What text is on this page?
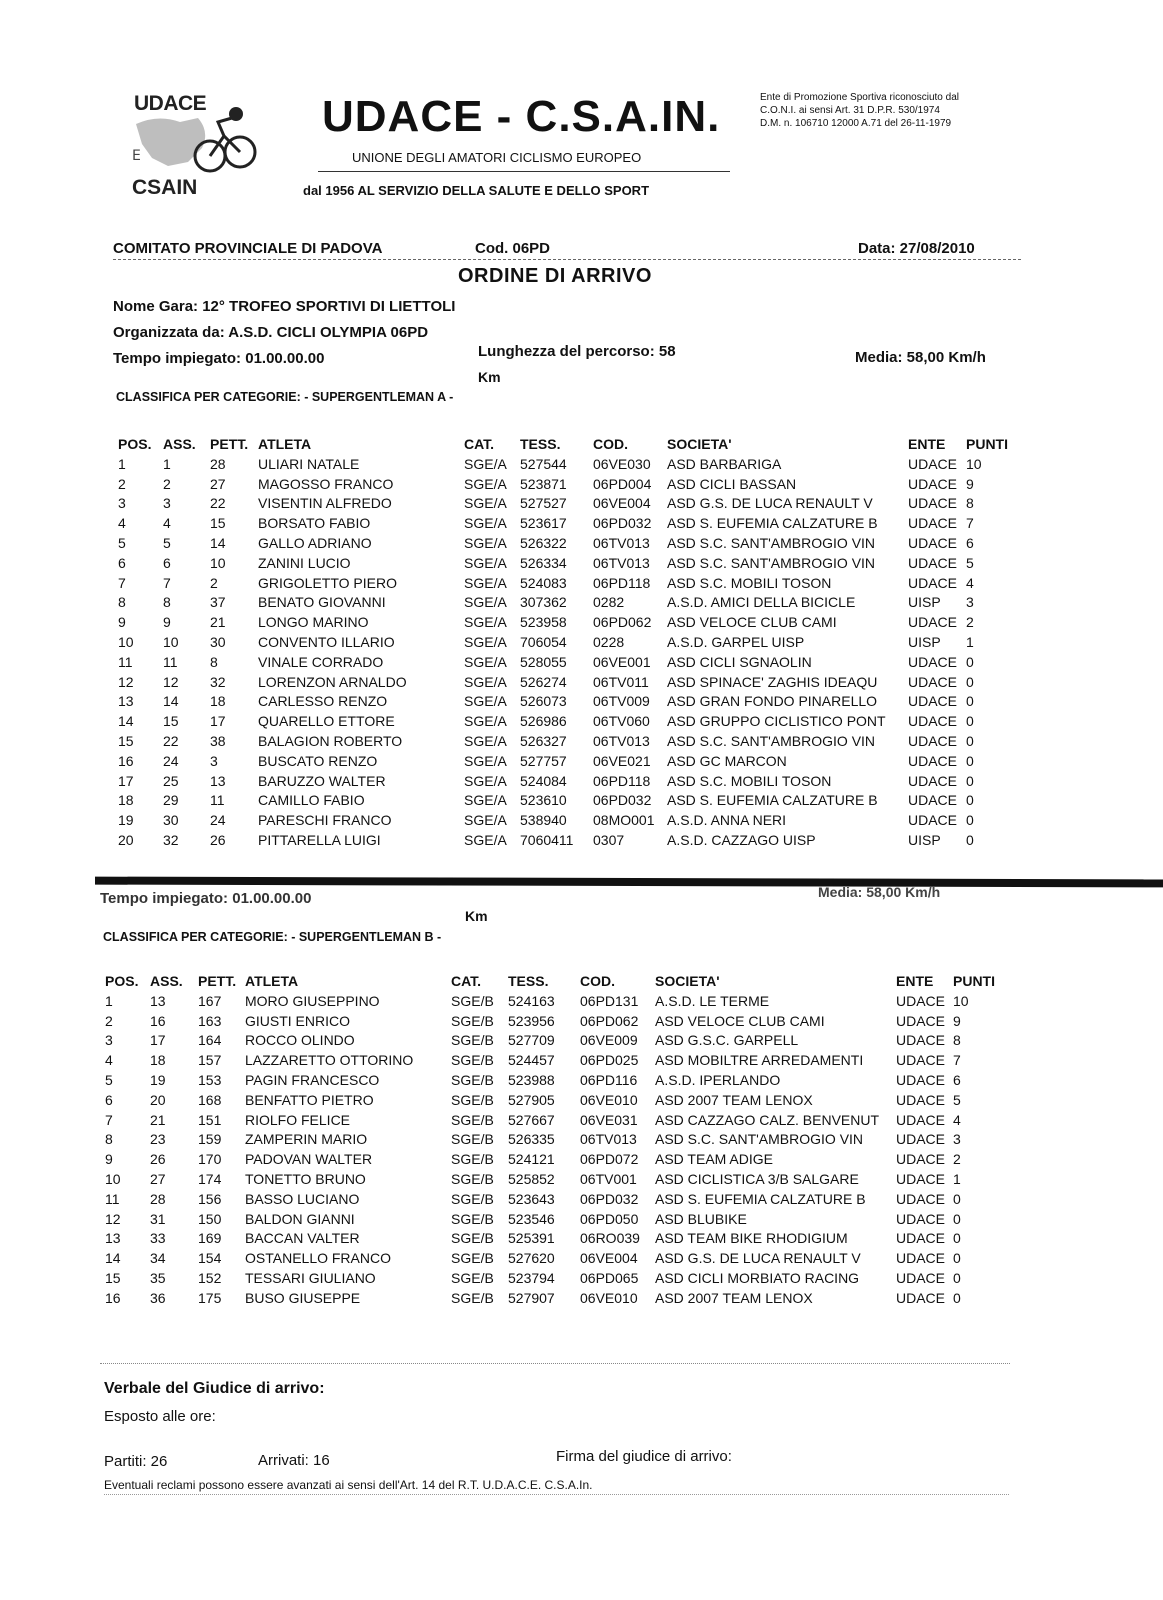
UDACE
E
CSAIN
UDACE - C.S.A.IN.
UNIONE DEGLI AMATORI CICLISMO EUROPEO
dal 1956 AL SERVIZIO DELLA SALUTE E DELLO SPORT
Ente di Promozione Sportiva riconosciuto dal
C.O.N.I. ai sensi Art. 31 D.P.R. 530/1974
D.M. n. 106710 12000 A.71 del 26-11-1979
COMITATO PROVINCIALE DI PADOVA	Cod. 06PD	Data: 27/08/2010
ORDINE DI ARRIVO
Nome Gara: 12° TROFEO SPORTIVI DI LIETTOLI
Organizzata da: A.S.D. CICLI OLYMPIA 06PD
Tempo impiegato: 01.00.00.00	Lunghezza del percorso: 58
Km
Media: 58,00 Km/h
CLASSIFICA PER CATEGORIE: - SUPERGENTLEMAN A -
POS. ASS. PETT. ATLETA	CAT. TESS. COD.	SOCIETA'	ENTE PUNTI
1	1	28 ULIARI NATALE	SGE/A 527544 06VE030 ASD BARBARIGA	UDACE 10
2	2	27 MAGOSSO FRANCO	SGE/A 523871 06PD004 ASD CICLI BASSAN	UDACE 9
3	3	22 VISENTIN ALFREDO	SGE/A 527527 06VE004 ASD G.S. DE LUCA RENAULT V	UDACE 8
4	4	15 BORSATO FABIO	SGE/A 523617 06PD032 ASD S. EUFEMIA CALZATURE B UDACE 7
5	5	14 GALLO ADRIANO	SGE/A 526322 06TV013 ASD S.C. SANT'AMBROGIO VIN UDACE 6
6	6	10 ZANINI LUCIO	SGE/A 526334 06TV013 ASD S.C. SANT'AMBROGIO VIN UDACE 5
7	7	2	GRIGOLETTO PIERO	SGE/A 524083 06PD118 ASD S.C. MOBILI TOSON	UDACE 4
8	8	37 BENATO GIOVANNI	SGE/A 307362 0282	A.S.D. AMICI DELLA BICICLE	UISP 3
9	9	21 LONGO MARINO	SGE/A 523958 06PD062 ASD VELOCE CLUB CAMI	UDACE 2
10 10 30 CONVENTO ILLARIO	SGE/A 706054 0228	A.S.D. GARPEL UISP	UISP 1
11 11 8	VINALE CORRADO	SGE/A 528055 06VE001 ASD CICLI SGNAOLIN	UDACE 0
12 12 32 LORENZON ARNALDO	SGE/A 526274 06TV011 ASD SPINACE' ZAGHIS IDEAQU UDACE 0
13 14 18 CARLESSO RENZO	SGE/A 526073 06TV009 ASD GRAN FONDO PINARELLO UDACE 0
14 15 17 QUARELLO ETTORE	SGE/A 526986 06TV060 ASD GRUPPO CICLISTICO PONT UDACE 0
15 22 38 BALAGION ROBERTO	SGE/A 526327 06TV013 ASD S.C. SANT'AMBROGIO VIN UDACE 0
16 24 3	BUSCATO RENZO	SGE/A 527757 06VE021 ASD GC MARCON	UDACE 0
17 25 13 BARUZZO WALTER	SGE/A 524084 06PD118 ASD S.C. MOBILI TOSON	UDACE 0
18 29 11 CAMILLO FABIO	SGE/A 523610 06PD032 ASD S. EUFEMIA CALZATURE B UDACE 0
19 30 24 PARESCHI FRANCO	SGE/A 538940 08MO001 A.S.D. ANNA NERI	UDACE 0
20 32 26 PITTARELLA LUIGI	SGE/A 7060411 0307	A.S.D. CAZZAGO UISP	UISP 0
Tempo impiegato: 01.00.00.00	Media: 58,00 Km/h
Km
CLASSIFICA PER CATEGORIE: - SUPERGENTLEMAN B -
POS. ASS. PETT. ATLETA	CAT. TESS. COD.	SOCIETA'	ENTE PUNTI
1	13 167 MORO GIUSEPPINO	SGE/B 524163 06PD131 A.S.D. LE TERME	UDACE 10
2	16 163 GIUSTI ENRICO	SGE/B 523956 06PD062 ASD VELOCE CLUB CAMI	UDACE 9
3	17 164 ROCCO OLINDO	SGE/B 527709 06VE009 ASD G.S.C. GARPELL	UDACE 8
4	18 157 LAZZARETTO OTTORINO	SGE/B 524457 06PD025 ASD MOBILTRE ARREDAMENTI UDACE 7
5	19 153 PAGIN FRANCESCO	SGE/B 523988 06PD116 A.S.D. IPERLANDO	UDACE 6
6	20 168 BENFATTO PIETRO	SGE/B 527905 06VE010 ASD 2007 TEAM LENOX	UDACE 5
7	21 151 RIOLFO FELICE	SGE/B 527667 06VE031 ASD CAZZAGO CALZ. BENVENUT UDACE 4
8	23 159 ZAMPERIN MARIO	SGE/B 526335 06TV013 ASD S.C. SANT'AMBROGIO VIN UDACE 3
9	26 170 PADOVAN WALTER	SGE/B 524121 06PD072 ASD TEAM ADIGE	UDACE 2
10 27 174 TONETTO BRUNO	SGE/B 525852 06TV001 ASD CICLISTICA 3/B SALGARE	UDACE 1
11 28 156 BASSO LUCIANO	SGE/B 523643 06PD032 ASD S. EUFEMIA CALZATURE B UDACE 0
12 31 150 BALDON GIANNI	SGE/B 523546 06PD050 ASD BLUBIKE	UDACE 0
13 33 169 BACCAN VALTER	SGE/B 525391 06RO039 ASD TEAM BIKE RHODIGIUM	UDACE 0
14 34 154 OSTANELLO FRANCO	SGE/B 527620 06VE004 ASD G.S. DE LUCA RENAULT V	UDACE 0
15 35 152 TESSARI GIULIANO	SGE/B 523794 06PD065 ASD CICLI MORBIATO RACING	UDACE 0
16 36 175 BUSO GIUSEPPE	SGE/B 527907 06VE010 ASD 2007 TEAM LENOX	UDACE 0
Verbale del Giudice di arrivo:
Esposto alle ore:
Partiti: 26	Arrivati: 16	Firma del giudice di arrivo:
Eventuali reclami possono essere avanzati ai sensi dell'Art. 14 del R.T. U.D.A.C.E. C.S.A.In.
